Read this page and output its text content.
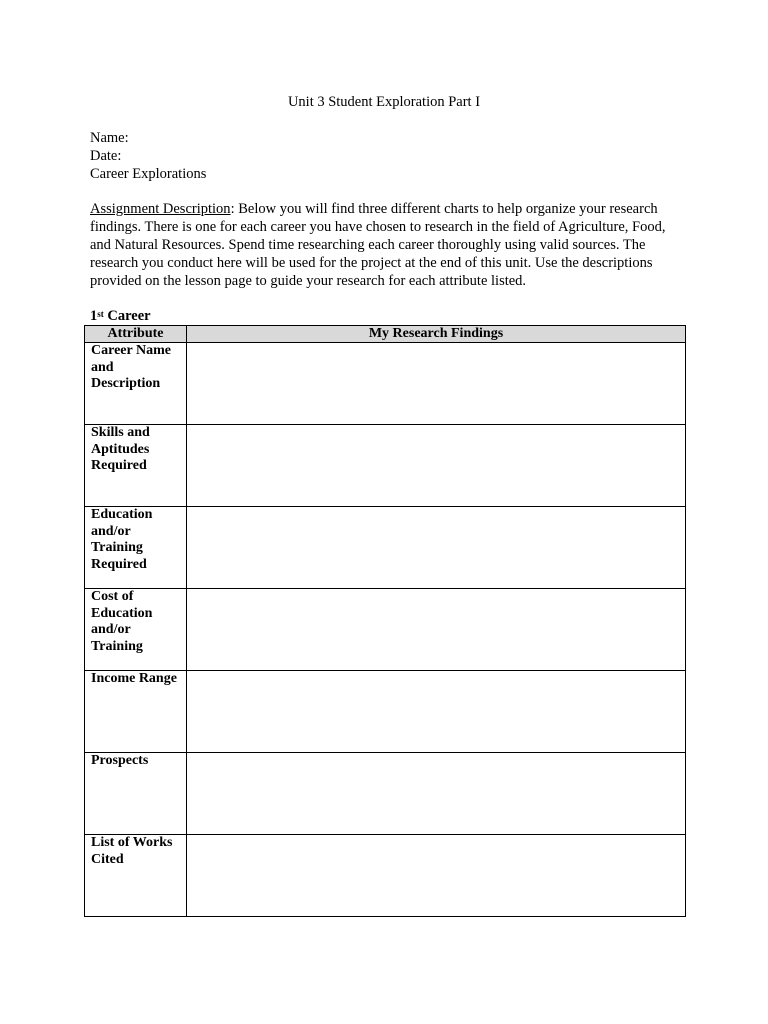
Unit 3 Student Exploration Part I
Name:
Date:
Career Explorations
Assignment Description: Below you will find three different charts to help organize your research findings. There is one for each career you have chosen to research in the field of Agriculture, Food, and Natural Resources. Spend time researching each career thoroughly using valid sources. The research you conduct here will be used for the project at the end of this unit. Use the descriptions provided on the lesson page to guide your research for each attribute listed.
1st Career
Attribute	My Research Findings
Career Name and Description	
Skills and Aptitudes Required	
Education and/or Training Required	
Cost of Education and/or Training	
Income Range	
Prospects	
List of Works Cited	
